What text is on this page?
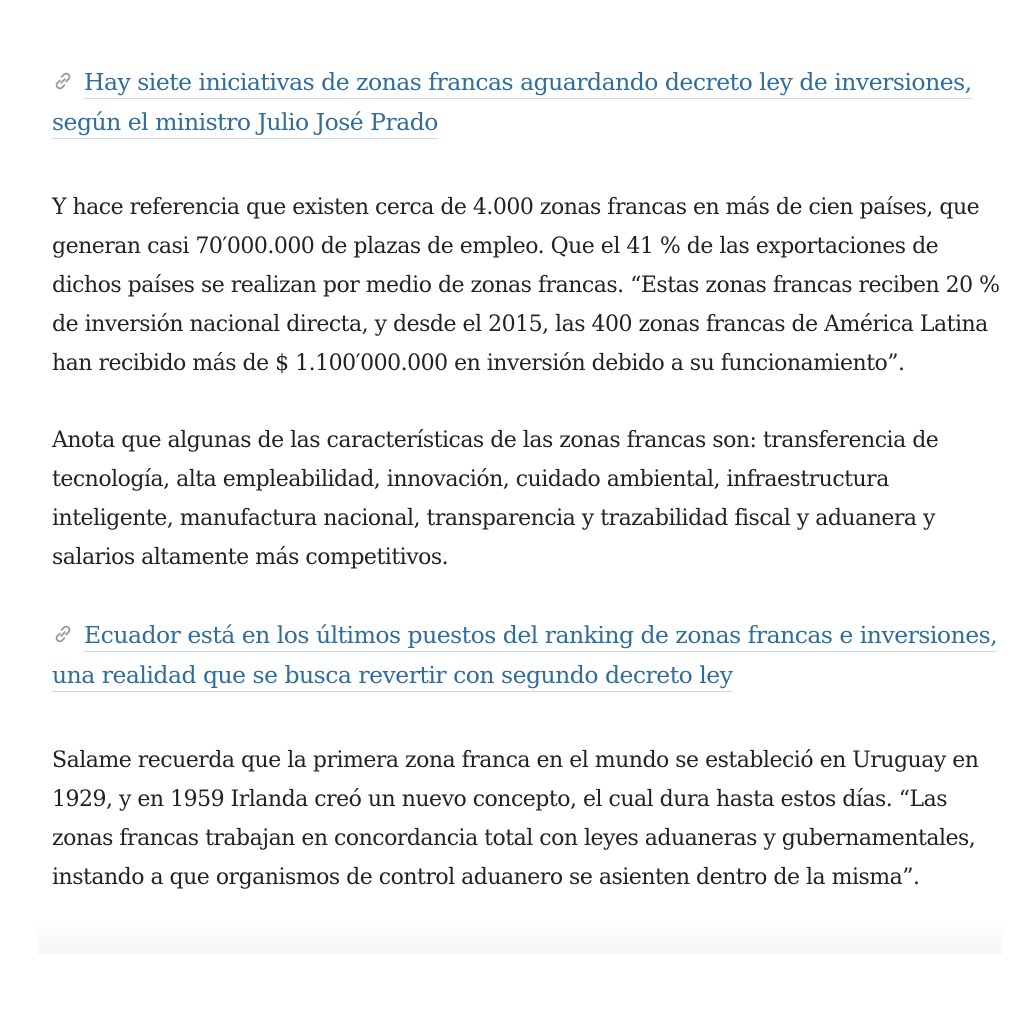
Hay siete iniciativas de zonas francas aguardando decreto ley de inversiones, según el ministro Julio José Prado

Y hace referencia que existen cerca de 4.000 zonas francas en más de cien países, que generan casi 70′000.000 de plazas de empleo. Que el 41 % de las exportaciones de dichos países se realizan por medio de zonas francas. “Estas zonas francas reciben 20 % de inversión nacional directa, y desde el 2015, las 400 zonas francas de América Latina han recibido más de $ 1.100′000.000 en inversión debido a su funcionamiento”.

Anota que algunas de las características de las zonas francas son: transferencia de tecnología, alta empleabilidad, innovación, cuidado ambiental, infraestructura inteligente, manufactura nacional, transparencia y trazabilidad fiscal y aduanera y salarios altamente más competitivos.

Ecuador está en los últimos puestos del ranking de zonas francas e inversiones, una realidad que se busca revertir con segundo decreto ley

Salame recuerda que la primera zona franca en el mundo se estableció en Uruguay en 1929, y en 1959 Irlanda creó un nuevo concepto, el cual dura hasta estos días. “Las zonas francas trabajan en concordancia total con leyes aduaneras y gubernamentales, instando a que organismos de control aduanero se asienten dentro de la misma”.
